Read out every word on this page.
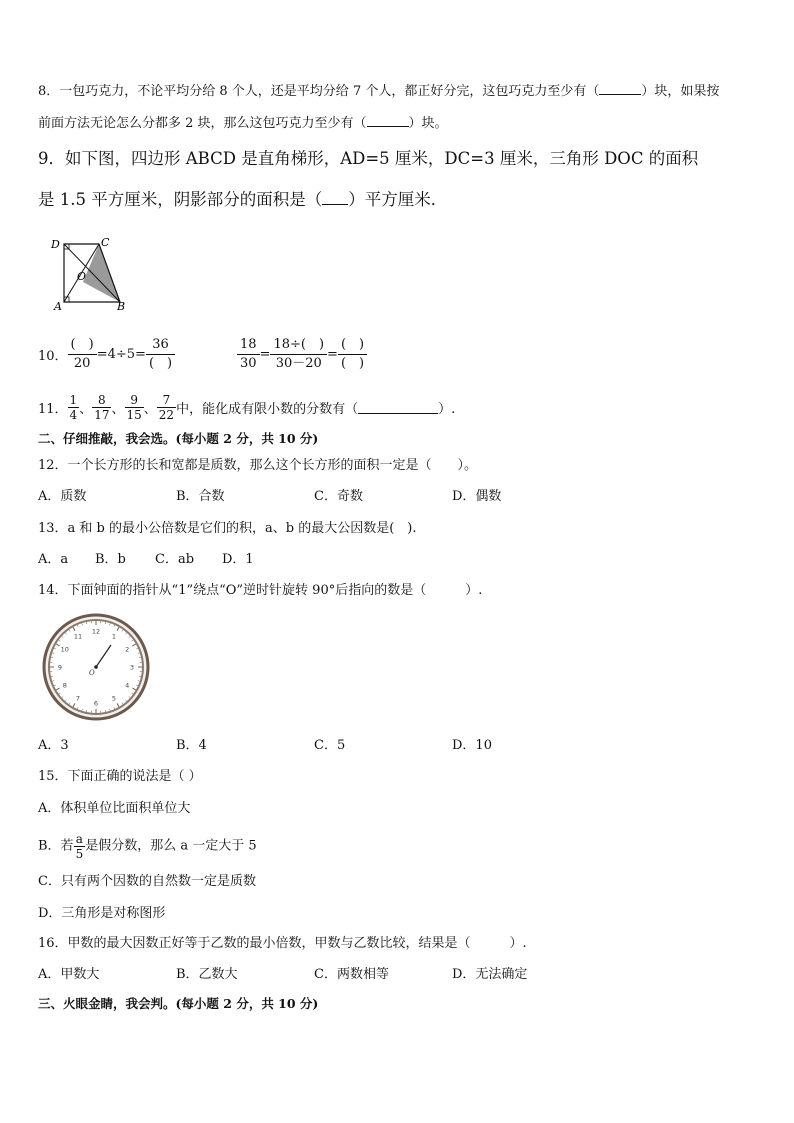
8．一包巧克力，不论平均分给 8 个人，还是平均分给 7 个人，都正好分完，这包巧克力至少有（	）块，如果按
前面方法无论怎么分都多 2 块，那么这包巧克力至少有（	）块。
9．如下图，四边形 ABCD 是直角梯形，AD=5 厘米，DC=3 厘米，三角形 DOC 的面积
是 1.5 平方厘米，阴影部分的面积是（ ）平方厘米．
D	C
O
A	B
10． $\frac{( )}{20} =4\div 5= \frac{36}{( )}$	$\frac{18}{30} = \frac{18\div( )}{30-20} = \frac{( )}{( )}$
11． $\frac{1}{4}$ 、 $\frac{8}{17}$ 、 $\frac{9}{15}$ 、 $\frac{7}{22}$ 中，能化成有限小数的分数有（	）.
二、仔细推敲，我会选。(每小题 2 分，共 10 分)
12．一个长方形的长和宽都是质数，那么这个长方形的面积一定是（　　）。
A．质数	B．合数	C．奇数	D．偶数
13．a 和 b 的最小公倍数是它们的积，a、b 的最大公因数是(　).
A．a B．b C．ab D．1
14．下面钟面的指针从“1”绕点“O”逆时针旋转 90°后指向的数是（　　　）.
12
1
2
3
4
5
6
7
8
9
10
11
O
A．3	B．4	C．5	D．10
15．下面正确的说法是（ ）
A．体积单位比面积单位大
B．若 $\frac{a}{5}$ 是假分数，那么 a 一定大于 5
C．只有两个因数的自然数一定是质数
D．三角形是对称图形
16．甲数的最大因数正好等于乙数的最小倍数，甲数与乙数比较，结果是（　　　）.
A．甲数大	B．乙数大	C．两数相等	D．无法确定
三、火眼金睛，我会判。(每小题 2 分，共 10 分)
